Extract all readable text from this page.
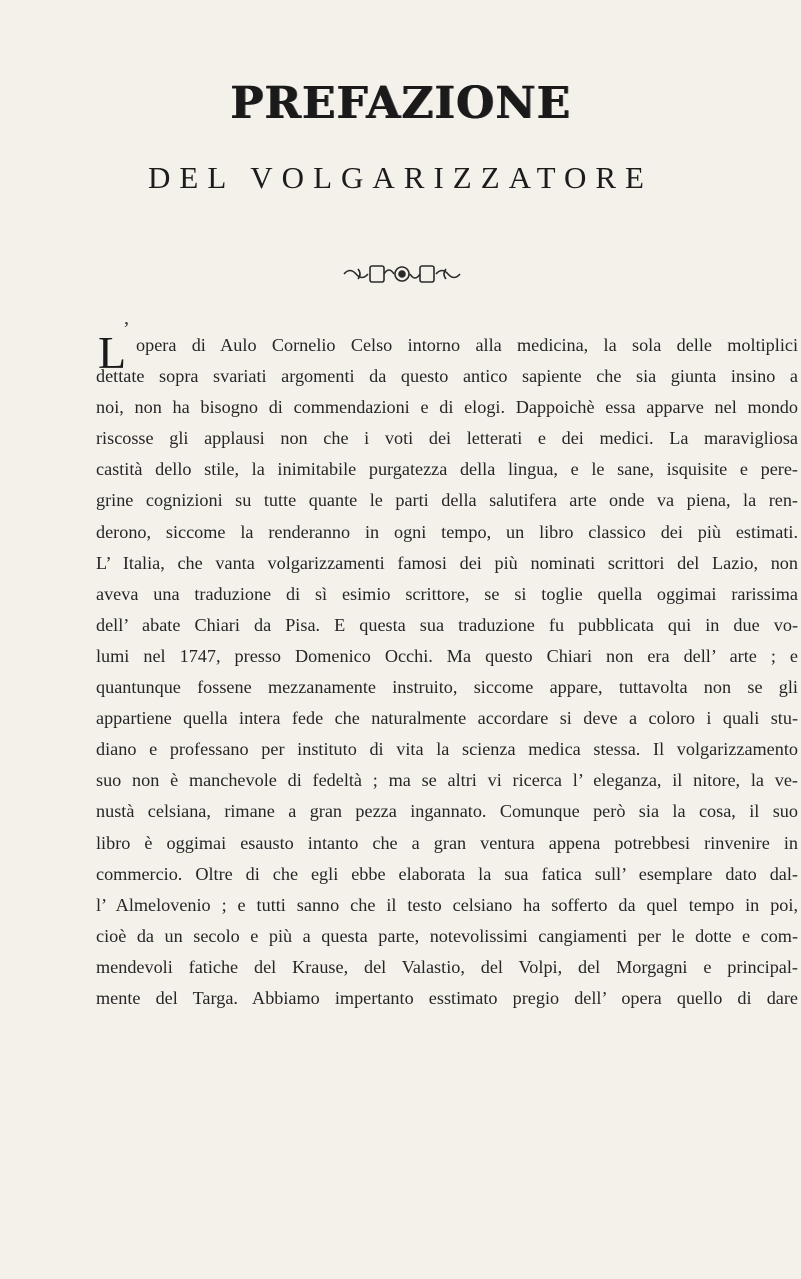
PREFAZIONE
DEL VOLGARIZZATORE
L
’
opera di Aulo Cornelio Celso intorno alla medicina, la sola delle moltiplici
dettate sopra svariati argomenti da questo antico sapiente che sia giunta insino a
noi, non ha bisogno di commendazioni e di elogi. Dappoichè essa apparve nel mondo
riscosse gli applausi non che i voti dei letterati e dei medici. La maravigliosa
castità dello stile, la inimitabile purgatezza della lingua, e le sane, isquisite e pere-
grine cognizioni su tutte quante le parti della salutifera arte onde va piena, la ren-
derono, siccome la renderanno in ogni tempo, un libro classico dei più estimati.
L’ Italia, che vanta volgarizzamenti famosi dei più nominati scrittori del Lazio, non
aveva una traduzione di sì esimio scrittore, se si toglie quella oggimai rarissima
dell’ abate Chiari da Pisa. E questa sua traduzione fu pubblicata qui in due vo-
lumi nel 1747, presso Domenico Occhi. Ma questo Chiari non era dell’ arte ; e
quantunque fossene mezzanamente instruito, siccome appare, tuttavolta non se gli
appartiene quella intera fede che naturalmente accordare si deve a coloro i quali stu-
diano e professano per instituto di vita la scienza medica stessa. Il volgarizzamento
suo non è manchevole di fedeltà ; ma se altri vi ricerca l’ eleganza, il nitore, la ve-
nustà celsiana, rimane a gran pezza ingannato. Comunque però sia la cosa, il suo
libro è oggimai esausto intanto che a gran ventura appena potrebbesi rinvenire in
commercio. Oltre di che egli ebbe elaborata la sua fatica sull’ esemplare dato dal-
l’ Almelovenio ; e tutti sanno che il testo celsiano ha sofferto da quel tempo in poi,
cioè da un secolo e più a questa parte, notevolissimi cangiamenti per le dotte e com-
mendevoli fatiche del Krause, del Valastio, del Volpi, del Morgagni e principal-
mente del Targa. Abbiamo impertanto esstimato pregio dell’ opera quello di dare
